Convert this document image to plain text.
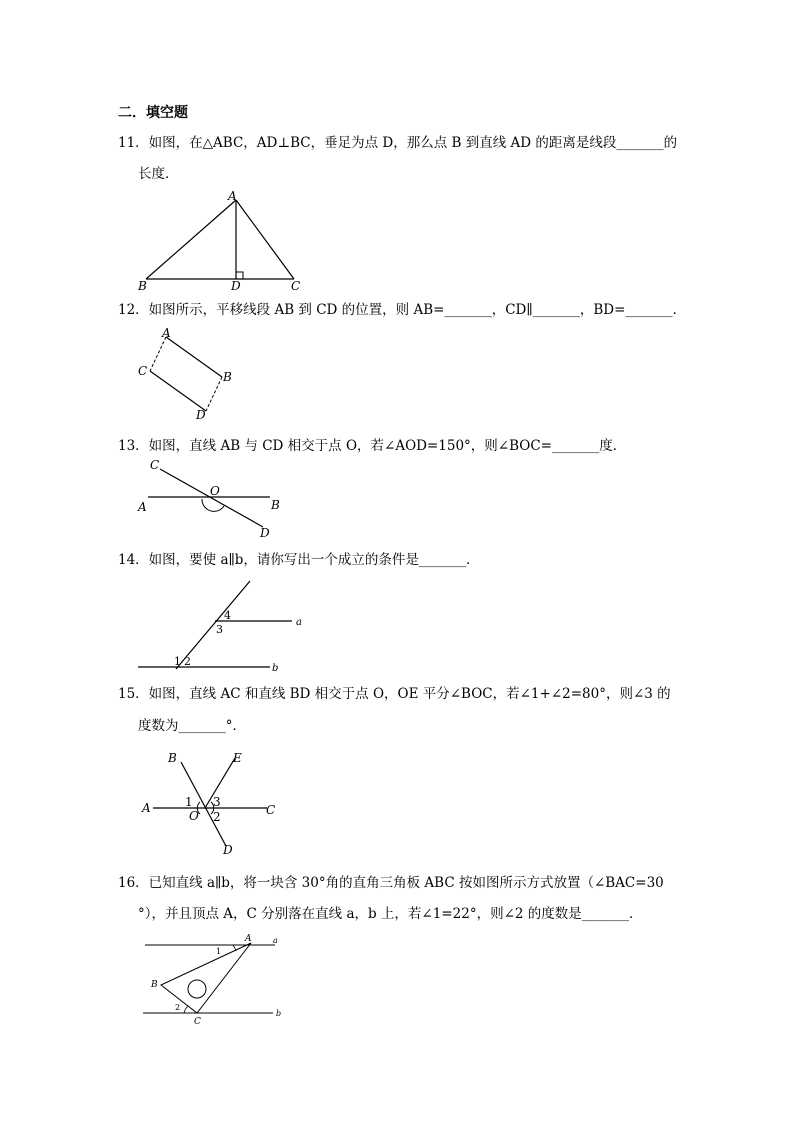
二．填空题
11．如图，在△ABC，AD⊥BC，垂足为点 D，那么点 B 到直线 AD 的距离是线段_______的
长度．
A
B	D	C
12．如图所示，平移线段 AB 到 CD 的位置，则 AB=_______，CD∥_______，BD=_______．
A
C	B
D
13．如图，直线 AB 与 CD 相交于点 O，若∠AOD=150°，则∠BOC=_______度．
C
O
A	B
D
14．如图，要使 a∥b，请你写出一个成立的条件是_______．
1 2
3
4
a
b
15．如图，直线 AC 和直线 BD 相交于点 O，OE 平分∠BOC，若∠1+∠2=80°，则∠3 的
度数为_______°．
B	E
A	1 3
O 2	C
D
16．已知直线 a∥b，将一块含 30°角的直角三角板 ABC 按如图所示方式放置（∠BAC=30
°），并且顶点 A，C 分别落在直线 a，b 上，若∠1=22°，则∠2 的度数是_______．
A
1
B
2
C
a
b
